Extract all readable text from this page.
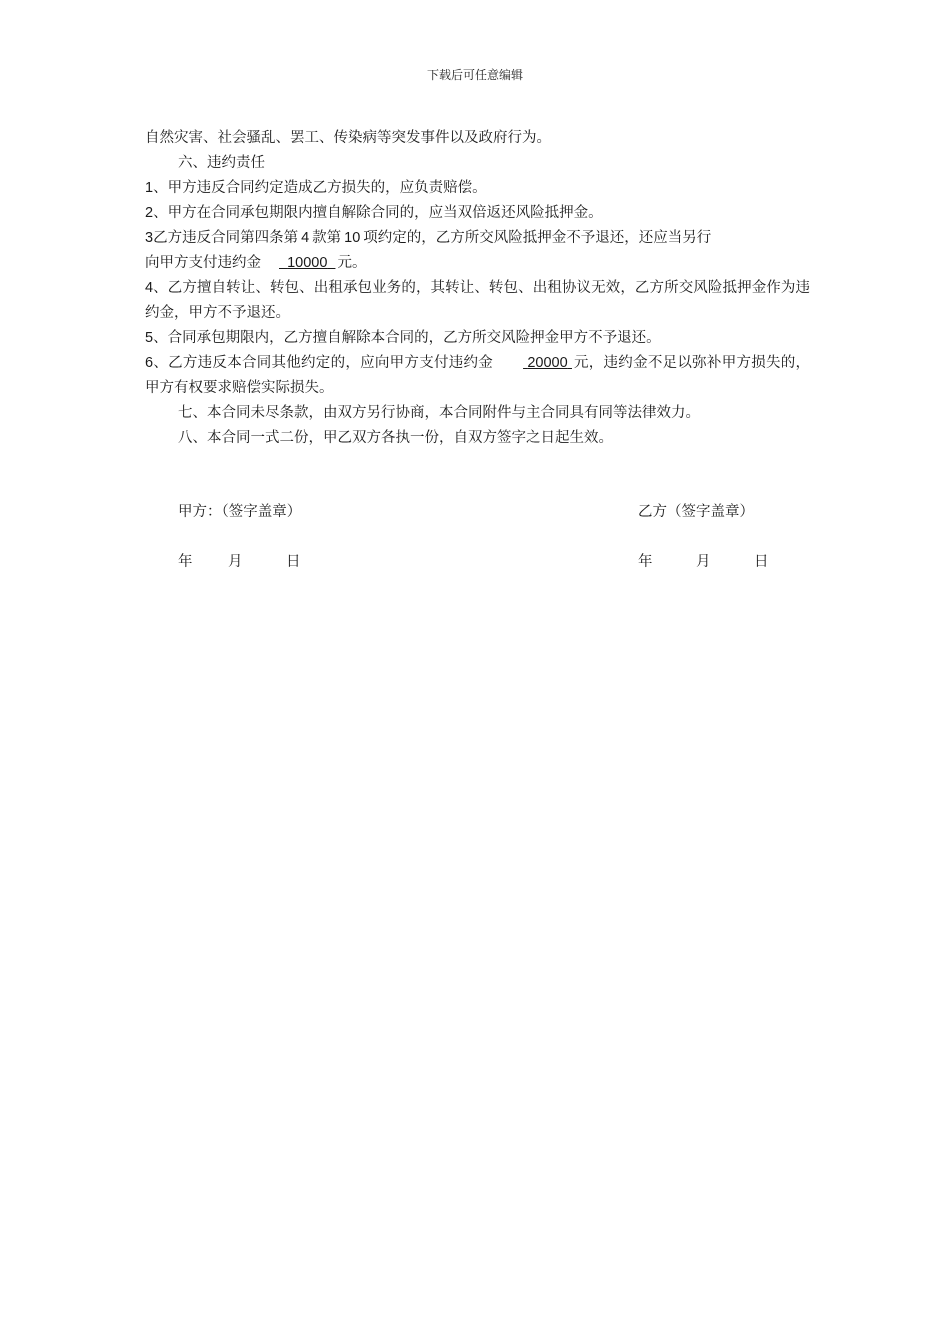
下载后可任意编辑
自然灾害、社会骚乱、罢工、传染病等突发事件以及政府行为。
六、违约责任
1、甲方违反合同约定造成乙方损失的，应负责赔偿。
2、甲方在合同承包期限内擅自解除合同的，应当双倍返还风险抵押金。
3乙方违反合同第四条第 4 款第 10 项约定的，乙方所交风险抵押金不予退还，还应当另行
向甲方支付违约金 10000 元。
4、乙方擅自转让、转包、出租承包业务的，其转让、转包、出租协议无效，乙方所交风险抵押金作为违约金，甲方不予退还。
5、合同承包期限内，乙方擅自解除本合同的，乙方所交风险押金甲方不予退还。
6、乙方违反本合同其他约定的，应向甲方支付违约金 20000 元，违约金不足以弥补甲方损失的，甲方有权要求赔偿实际损失。
七、本合同未尽条款，由双方另行协商，本合同附件与主合同具有同等法律效力。
八、本合同一式二份，甲乙双方各执一份，自双方签字之日起生效。
甲方：（签字盖章）	乙方（签字盖章）
年 月	日	年	月	日
